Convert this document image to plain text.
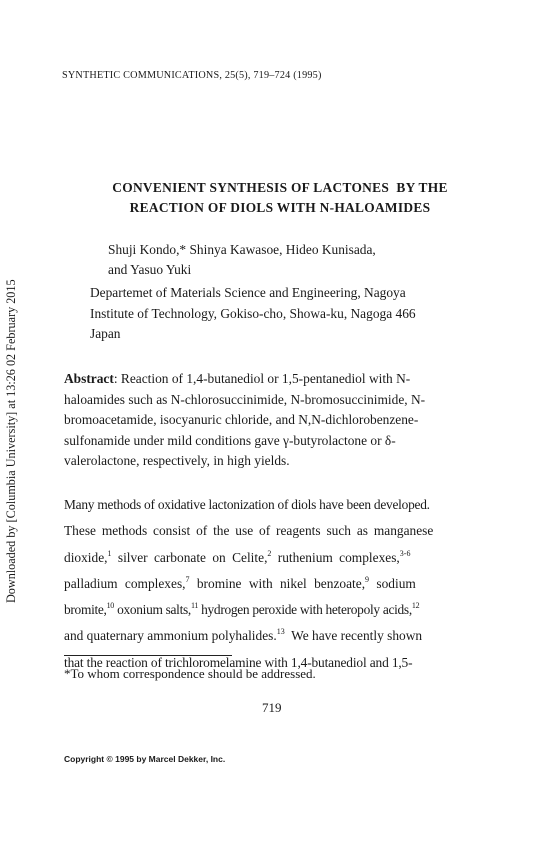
Downloaded by [Columbia University] at 13:26 02 February 2015
SYNTHETIC COMMUNICATIONS, 25(5), 719–724 (1995)
CONVENIENT SYNTHESIS OF LACTONES  BY THE
REACTION OF DIOLS WITH N-HALOAMIDES
Shuji Kondo,* Shinya Kawasoe, Hideo Kunisada,
and Yasuo Yuki
Departemet of Materials Science and Engineering, Nagoya
Institute of Technology, Gokiso-cho, Showa-ku, Nagoga 466
Japan
Abstract: Reaction of 1,4-butanediol or 1,5-pentanediol with N-
haloamides such as N-chlorosuccinimide, N-bromosuccinimide, N-
bromoacetamide, isocyanuric chloride, and N,N-dichlorobenzene-
sulfonamide under mild conditions gave γ-butyrolactone or δ-
valerolactone, respectively, in high yields.
Many methods of oxidative lactonization of diols have been developed.
These methods consist of the use of reagents such as manganese
dioxide,$^1$ silver carbonate on Celite,$^2$ ruthenium complexes,$^{3-6}$
palladium complexes,$^7$ bromine with nikel benzoate,$^9$ sodium
bromite,$^{10}$ oxonium salts,$^{11}$ hydrogen peroxide with heteropoly acids,$^{12}$
and quaternary ammonium polyhalides.$^{13}$  We have recently shown
that the reaction of trichloromelamine with 1,4-butanediol and 1,5-
*To whom correspondence should be addressed.
719
Copyright © 1995 by Marcel Dekker, Inc.
